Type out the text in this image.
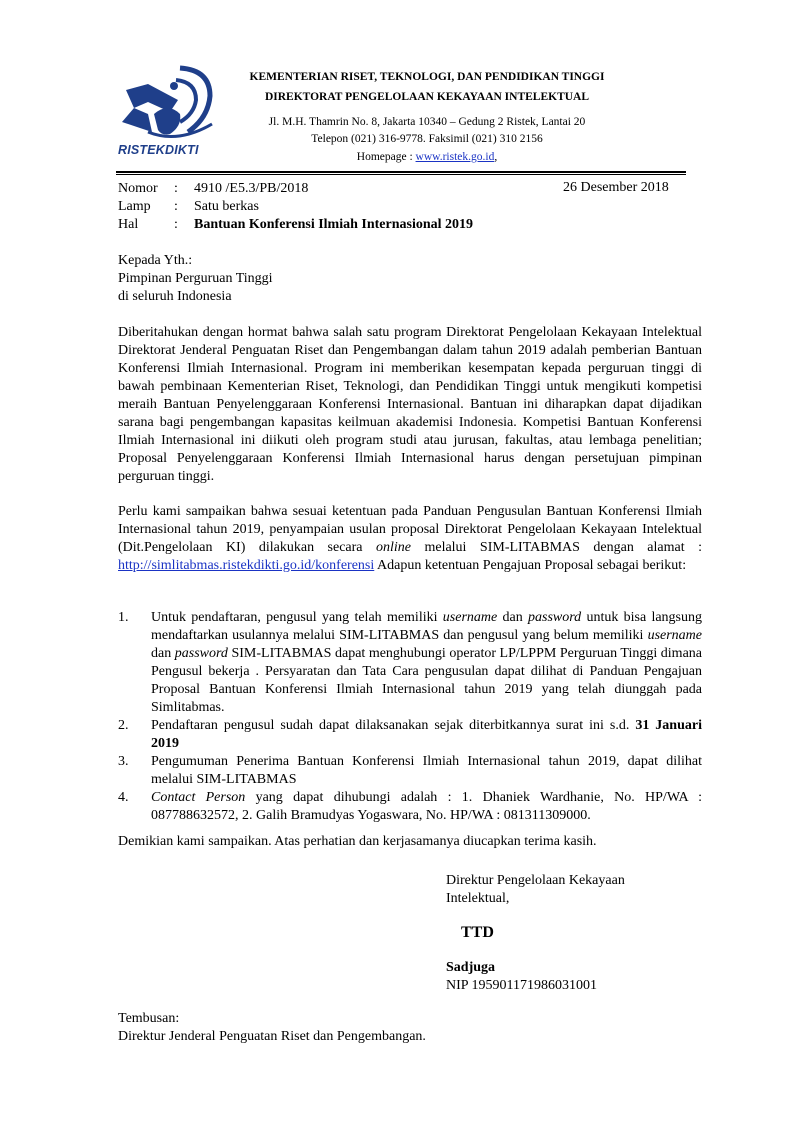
RISTEKDIKTI
KEMENTERIAN RISET, TEKNOLOGI, DAN PENDIDIKAN TINGGI
DIREKTORAT PENGELOLAAN KEKAYAAN INTELEKTUAL
Jl. M.H. Thamrin No. 8, Jakarta 10340 – Gedung 2 Ristek, Lantai 20
Telepon (021) 316-9778. Faksimil (021) 310 2156
Homepage : www.ristek.go.id,
Nomor : 4910 /E5.3/PB/2018	26 Desember 2018
Lamp : Satu berkas
Hal	: Bantuan Konferensi Ilmiah Internasional 2019
Kepada Yth.:
Pimpinan Perguruan Tinggi
di seluruh Indonesia
Diberitahukan dengan hormat bahwa salah satu program Direktorat Pengelolaan Kekayaan Intelektual Direktorat Jenderal Penguatan Riset dan Pengembangan dalam tahun 2019 adalah pemberian Bantuan Konferensi Ilmiah Internasional. Program ini memberikan kesempatan kepada perguruan tinggi di bawah pembinaan Kementerian Riset, Teknologi, dan Pendidikan Tinggi untuk mengikuti kompetisi meraih Bantuan Penyelenggaraan Konferensi Internasional. Bantuan ini diharapkan dapat dijadikan sarana bagi pengembangan kapasitas keilmuan akademisi Indonesia. Kompetisi Bantuan Konferensi Ilmiah Internasional ini diikuti oleh program studi atau jurusan, fakultas, atau lembaga penelitian; Proposal Penyelenggaraan Konferensi Ilmiah Internasional harus dengan persetujuan pimpinan perguruan tinggi.
Perlu kami sampaikan bahwa sesuai ketentuan pada Panduan Pengusulan Bantuan Konferensi Ilmiah Internasional tahun 2019, penyampaian usulan proposal Direktorat Pengelolaan Kekayaan Intelektual (Dit.Pengelolaan KI) dilakukan secara online melalui SIM-LITABMAS dengan alamat : http://simlitabmas.ristekdikti.go.id/konferensi Adapun ketentuan Pengajuan Proposal sebagai berikut:
1. Untuk pendaftaran, pengusul yang telah memiliki username dan password untuk bisa langsung mendaftarkan usulannya melalui SIM-LITABMAS dan pengusul yang belum memiliki username dan password SIM-LITABMAS dapat menghubungi operator LP/LPPM Perguruan Tinggi dimana Pengusul bekerja . Persyaratan dan Tata Cara pengusulan dapat dilihat di Panduan Pengajuan Proposal Bantuan Konferensi Ilmiah Internasional tahun 2019 yang telah diunggah pada Simlitabmas.
2. Pendaftaran pengusul sudah dapat dilaksanakan sejak diterbitkannya surat ini s.d. 31 Januari 2019
3. Pengumuman Penerima Bantuan Konferensi Ilmiah Internasional tahun 2019, dapat dilihat melalui SIM-LITABMAS
4. Contact Person yang dapat dihubungi adalah : 1. Dhaniek Wardhanie, No. HP/WA : 087788632572, 2. Galih Bramudyas Yogaswara, No. HP/WA : 081311309000.
Demikian kami sampaikan. Atas perhatian dan kerjasamanya diucapkan terima kasih.
Direktur Pengelolaan Kekayaan
Intelektual,
TTD
Sadjuga
NIP 195901171986031001
Tembusan:
Direktur Jenderal Penguatan Riset dan Pengembangan.
